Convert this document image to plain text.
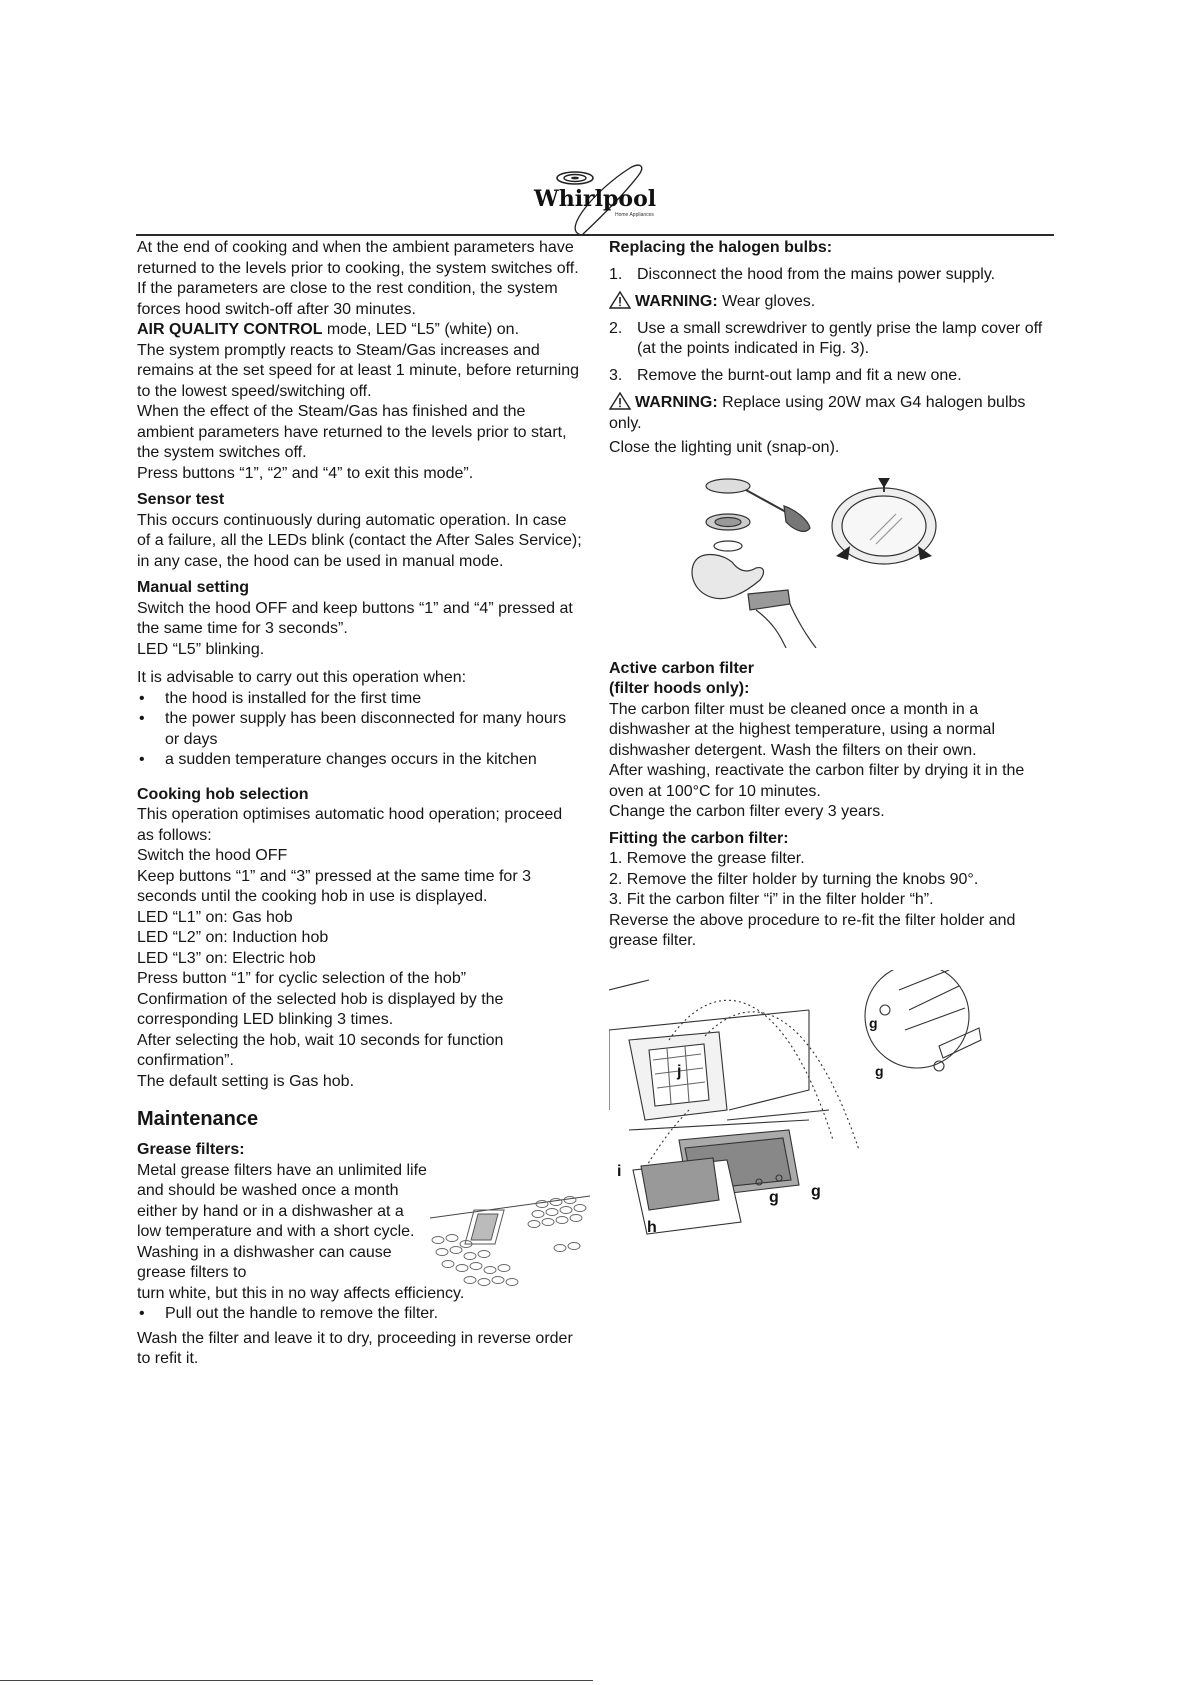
Whirlpool
Home Appliances

At the end of cooking and when the ambient parameters have returned to the levels prior to cooking, the system switches off.

If the parameters are close to the rest condition, the system forces hood switch-off after 30 minutes.

AIR QUALITY CONTROL mode, LED “L5” (white) on.

The system promptly reacts to Steam/Gas increases and remains at the set speed for at least 1 minute, before returning to the lowest speed/switching off.

When the effect of the Steam/Gas has finished and the ambient parameters have returned to the levels prior to start, the system switches off.

Press buttons “1”, “2” and “4” to exit this mode”.

Sensor test

This occurs continuously during automatic operation. In case of a failure, all the LEDs blink (contact the After Sales Service); in any case, the hood can be used in manual mode.

Manual setting

Switch the hood OFF and keep buttons “1” and “4” pressed at the same time for 3 seconds”.

LED “L5” blinking.

It is advisable to carry out this operation when:

• the hood is installed for the first time
• the power supply has been disconnected for many hours or days
• a sudden temperature changes occurs in the kitchen
Cooking hob selection

This operation optimises automatic hood operation; proceed as follows:

Switch the hood OFF

Keep buttons “1” and “3” pressed at the same time for 3 seconds until the cooking hob in use is displayed.

LED “L1” on: Gas hob

LED “L2” on: Induction hob

LED “L3” on: Electric hob

Press button “1” for cyclic selection of the hob”

Confirmation of the selected hob is displayed by the corresponding LED blinking 3 times.

After selecting the hob, wait 10 seconds for function confirmation”.

The default setting is Gas hob.

Maintenance
Grease filters:

Metal grease filters have an unlimited life and should be washed once a month either by hand or in a dishwasher at a low temperature and with a short cycle. Washing in a dishwasher can cause grease filters to

turn white, but this in no way affects efficiency.

• Pull out the handle to remove the filter.

Wash the filter and leave it to dry, proceeding in reverse order to refit it.

Replacing the halogen bulbs:
1. Disconnect the hood from the mains power supply.

WARNING: Wear gloves.

2. Use a small screwdriver to gently prise the lamp cover off (at the points indicated in Fig. 3).
3. Remove the burnt-out lamp and fit a new one.

WARNING: Replace using 20W max G4 halogen bulbs only.

Close the lighting unit (snap-on).

Active carbon filter
(filter hoods only):

The carbon filter must be cleaned once a month in a dishwasher at the highest temperature, using a normal dishwasher detergent. Wash the filters on their own.

After washing, reactivate the carbon filter by drying it in the oven at 100°C for 10 minutes.

Change the carbon filter every 3 years.

Fitting the carbon filter:

1. Remove the grease filter.

2. Remove the filter holder by turning the knobs 90°.

3. Fit the carbon filter “i” in the filter holder “h”.

Reverse the above procedure to re-fit the filter holder and grease filter.

i
h
g g
g
g
j
